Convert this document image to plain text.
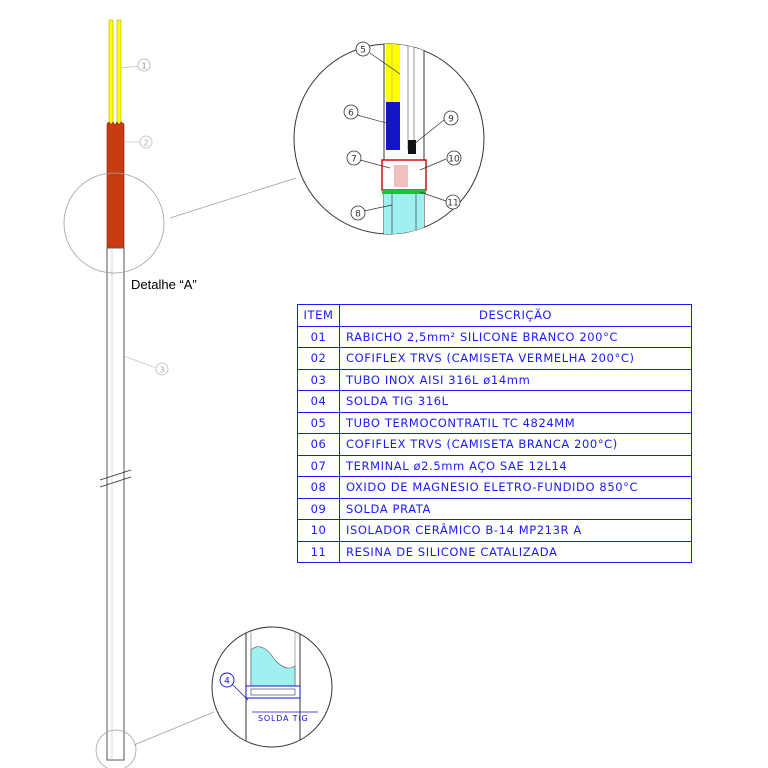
1
2
3
5
6
7
8
9
10
11
4
SOLDA TIG
Detalhe “A”
ITEM	DESCRIÇÃO
01	RABICHO 2,5mm² SILICONE BRANCO 200°C
02	COFIFLEX TRVS (CAMISETA VERMELHA 200°C)
03	TUBO INOX AISI 316L ø14mm
04	SOLDA TIG 316L
05	TUBO TERMOCONTRATIL TC 4824MM
06	COFIFLEX TRVS (CAMISETA BRANCA 200°C)
07	TERMINAL ø2.5mm AÇO SAE 12L14
08	OXIDO DE MAGNESIO ELETRO-FUNDIDO 850°C
09	SOLDA PRATA
10	ISOLADOR CERÂMICO B-14 MP213R A
11	RESINA DE SILICONE CATALIZADA
